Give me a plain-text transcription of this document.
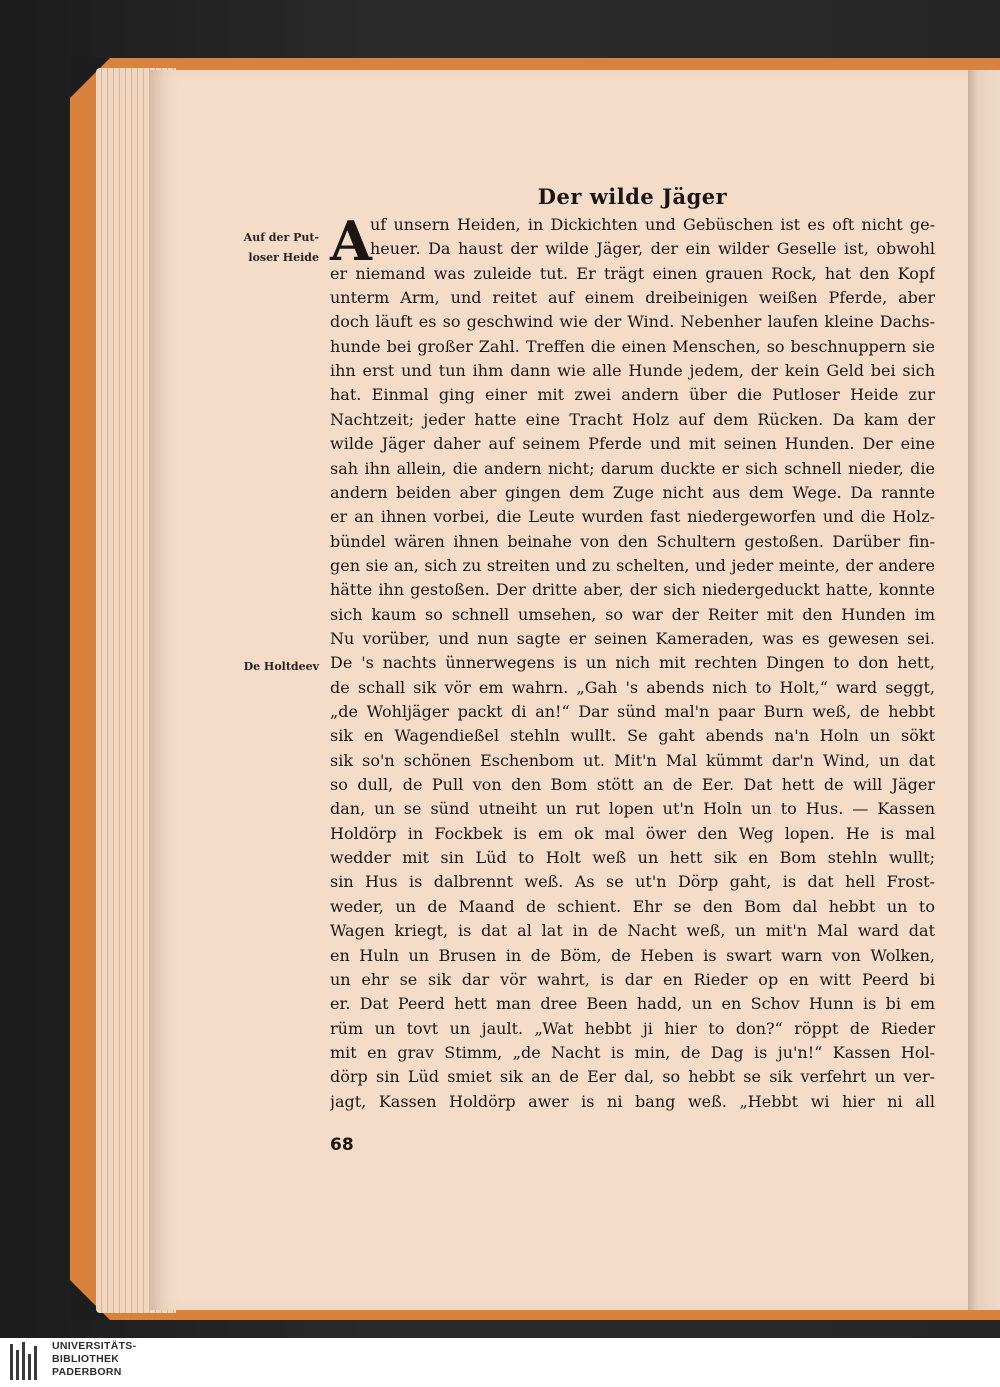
Der wilde Jäger
Auf der Put-
loser Heide
De Holtdeev
A
uf unsern Heiden, in Dickichten und Gebüschen ist es oft nicht ge-
heuer. Da haust der wilde Jäger, der ein wilder Geselle ist, obwohl
er niemand was zuleide tut. Er trägt einen grauen Rock, hat den Kopf
unterm Arm, und reitet auf einem dreibeinigen weißen Pferde, aber
doch läuft es so geschwind wie der Wind. Nebenher laufen kleine Dachs-
hunde bei großer Zahl. Treffen die einen Menschen, so beschnuppern sie
ihn erst und tun ihm dann wie alle Hunde jedem, der kein Geld bei sich
hat. Einmal ging einer mit zwei andern über die Putloser Heide zur
Nachtzeit; jeder hatte eine Tracht Holz auf dem Rücken. Da kam der
wilde Jäger daher auf seinem Pferde und mit seinen Hunden. Der eine
sah ihn allein, die andern nicht; darum duckte er sich schnell nieder, die
andern beiden aber gingen dem Zuge nicht aus dem Wege. Da rannte
er an ihnen vorbei, die Leute wurden fast niedergeworfen und die Holz-
bündel wären ihnen beinahe von den Schultern gestoßen. Darüber fin-
gen sie an, sich zu streiten und zu schelten, und jeder meinte, der andere
hätte ihn gestoßen. Der dritte aber, der sich niedergeduckt hatte, konnte
sich kaum so schnell umsehen, so war der Reiter mit den Hunden im
Nu vorüber, und nun sagte er seinen Kameraden, was es gewesen sei.
De 's nachts ünnerwegens is un nich mit rechten Dingen to don hett,
de schall sik vör em wahrn. „Gah 's abends nich to Holt,“ ward seggt,
„de Wohljäger packt di an!“ Dar sünd mal'n paar Burn weß, de hebbt
sik en Wagendießel stehln wullt. Se gaht abends na'n Holn un sökt
sik so'n schönen Eschenbom ut. Mit'n Mal kümmt dar'n Wind, un dat
so dull, de Pull von den Bom stött an de Eer. Dat hett de will Jäger
dan, un se sünd utneiht un rut lopen ut'n Holn un to Hus. — Kassen
Holdörp in Fockbek is em ok mal öwer den Weg lopen. He is mal
wedder mit sin Lüd to Holt weß un hett sik en Bom stehln wullt;
sin Hus is dalbrennt weß. As se ut'n Dörp gaht, is dat hell Frost-
weder, un de Maand de schient. Ehr se den Bom dal hebbt un to
Wagen kriegt, is dat al lat in de Nacht weß, un mit'n Mal ward dat
en Huln un Brusen in de Böm, de Heben is swart warn von Wolken,
un ehr se sik dar vör wahrt, is dar en Rieder op en witt Peerd bi
er. Dat Peerd hett man dree Been hadd, un en Schov Hunn is bi em
rüm un tovt un jault. „Wat hebbt ji hier to don?“ röppt de Rieder
mit en grav Stimm, „de Nacht is min, de Dag is ju'n!“ Kassen Hol-
dörp sin Lüd smiet sik an de Eer dal, so hebbt se sik verfehrt un ver-
jagt, Kassen Holdörp awer is ni bang weß. „Hebbt wi hier ni all
68
UNIVERSITÄTS-
BIBLIOTHEK
PADERBORN
